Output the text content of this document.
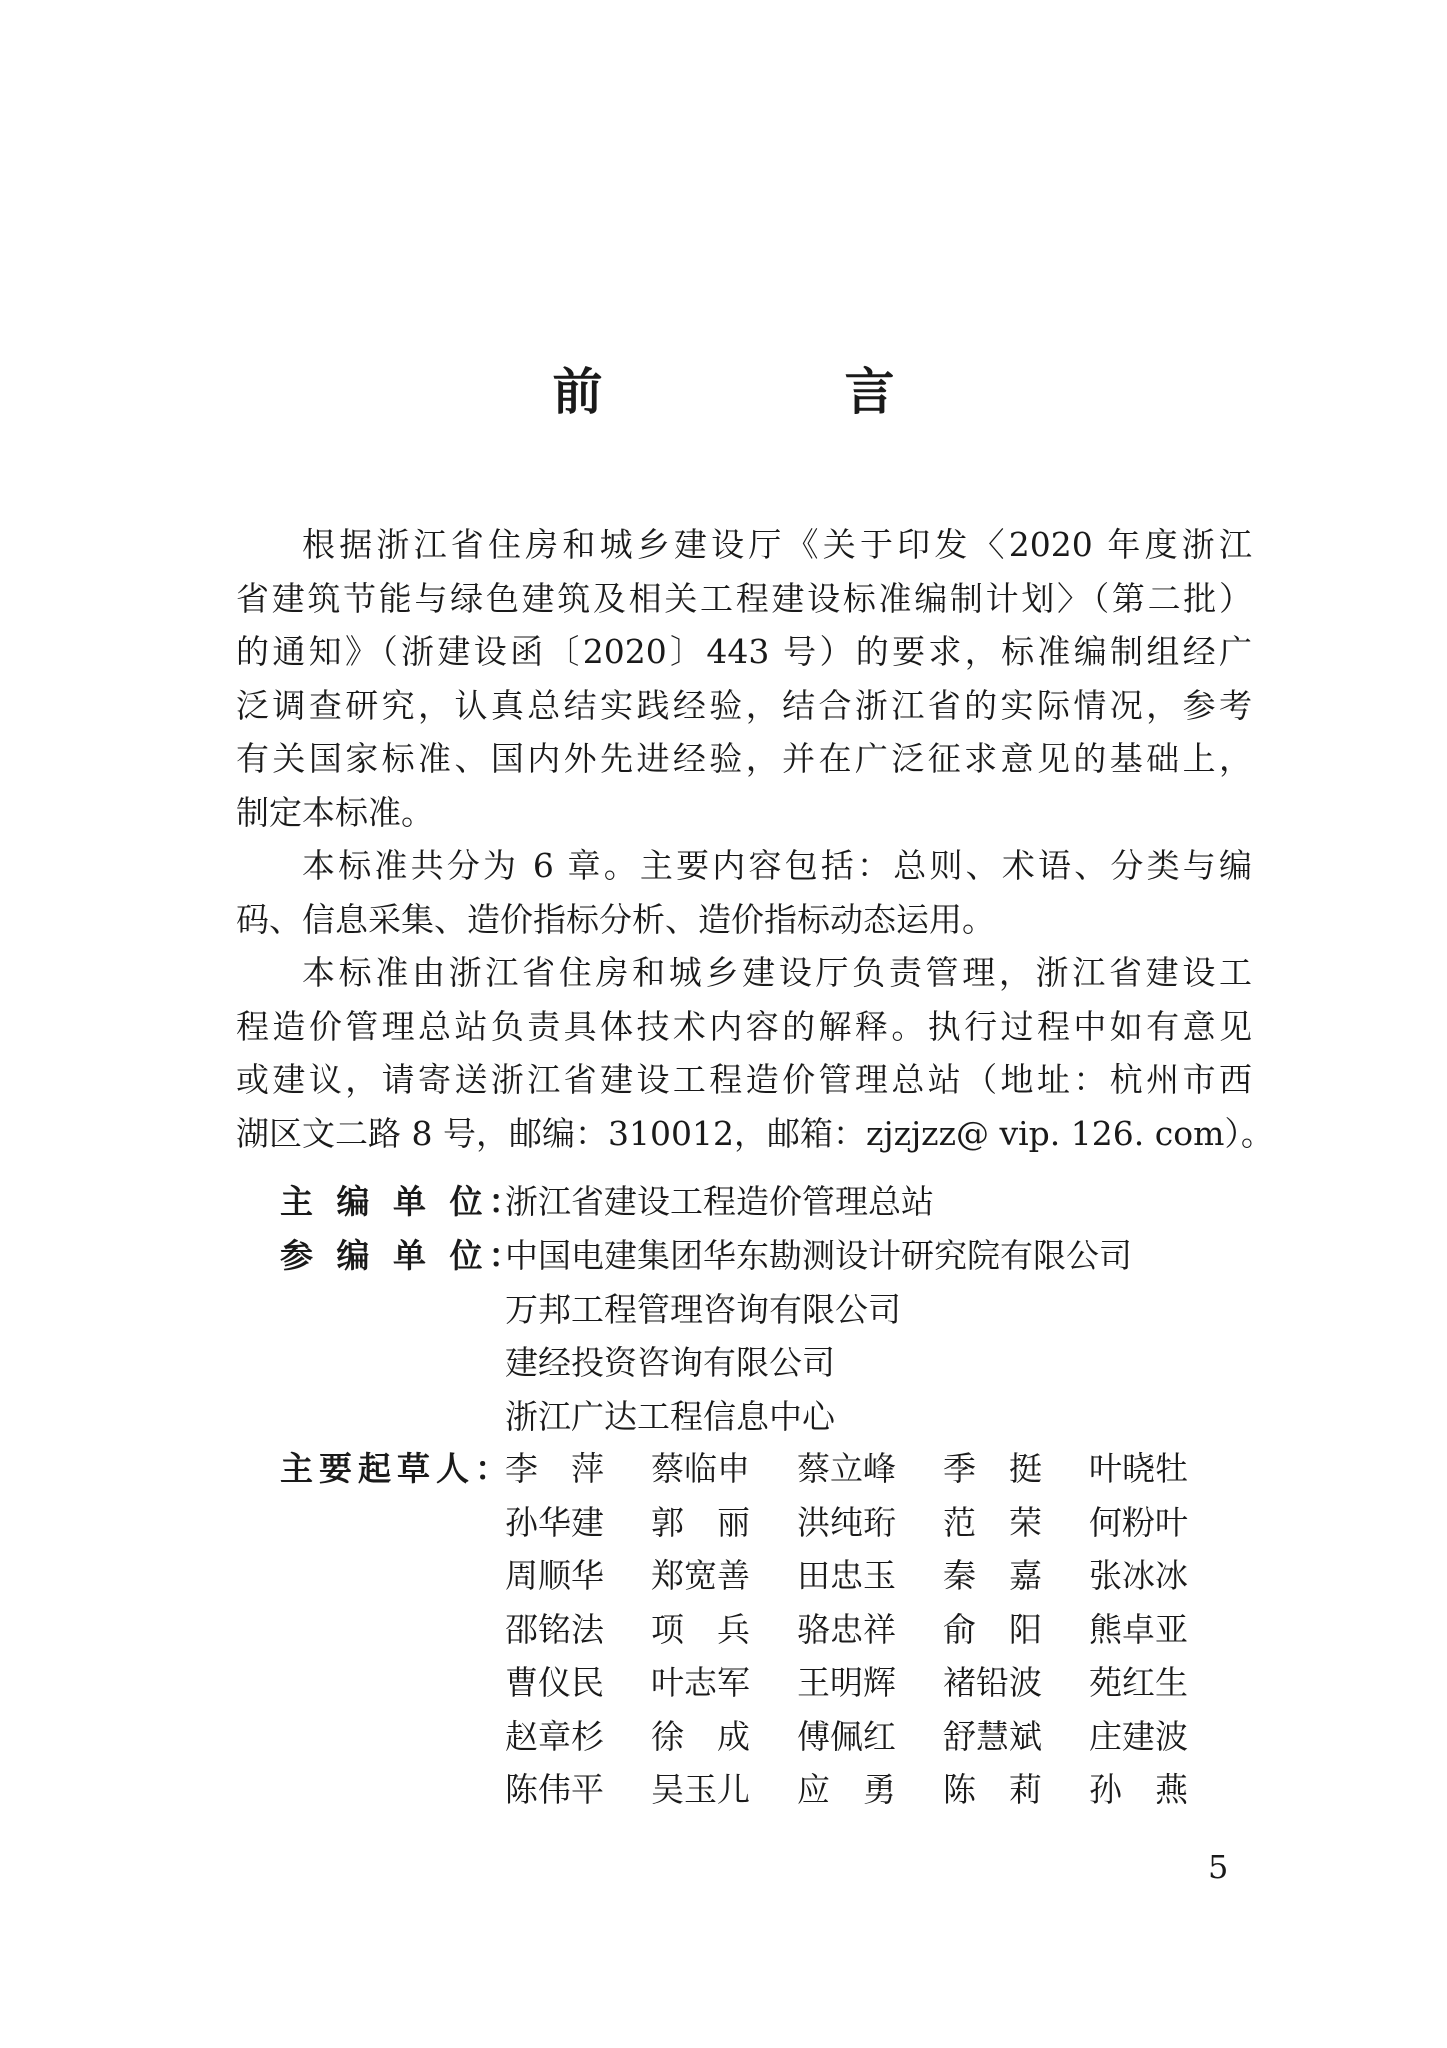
前　言
根据浙江省住房和城乡建设厅《关于印发〈2020 年度浙江
省建筑节能与绿色建筑及相关工程建设标准编制计划〉（第二批）
的通知》（浙建设函〔2020〕443 号）的要求，标准编制组经广
泛调查研究，认真总结实践经验，结合浙江省的实际情况，参考
有关国家标准、国内外先进经验，并在广泛征求意见的基础上，
制定本标准。
本标准共分为 6 章。主要内容包括：总则、术语、分类与编
码、信息采集、造价指标分析、造价指标动态运用。
本标准由浙江省住房和城乡建设厅负责管理，浙江省建设工
程造价管理总站负责具体技术内容的解释。执行过程中如有意见
或建议，请寄送浙江省建设工程造价管理总站（地址：杭州市西
湖区文二路 8 号，邮编：310012，邮箱：zjzjzz@ vip. 126. com）。
主 编 单 位：
浙江省建设工程造价管理总站
参 编 单 位：
中国电建集团华东勘测设计研究院有限公司
万邦工程管理咨询有限公司
建经投资咨询有限公司
浙江广达工程信息中心
主要起草人：
李　萍	蔡临申	蔡立峰	季　挺	叶晓牡
孙华建	郭　丽	洪纯珩	范　荣	何粉叶
周顺华	郑宽善	田忠玉	秦　嘉	张冰冰
邵铭法	项　兵	骆忠祥	俞　阳	熊卓亚
曹仪民	叶志军	王明辉	褚铅波	苑红生
赵章杉	徐　成	傅佩红	舒慧斌	庄建波
陈伟平	吴玉儿	应　勇	陈　莉	孙　燕
5
